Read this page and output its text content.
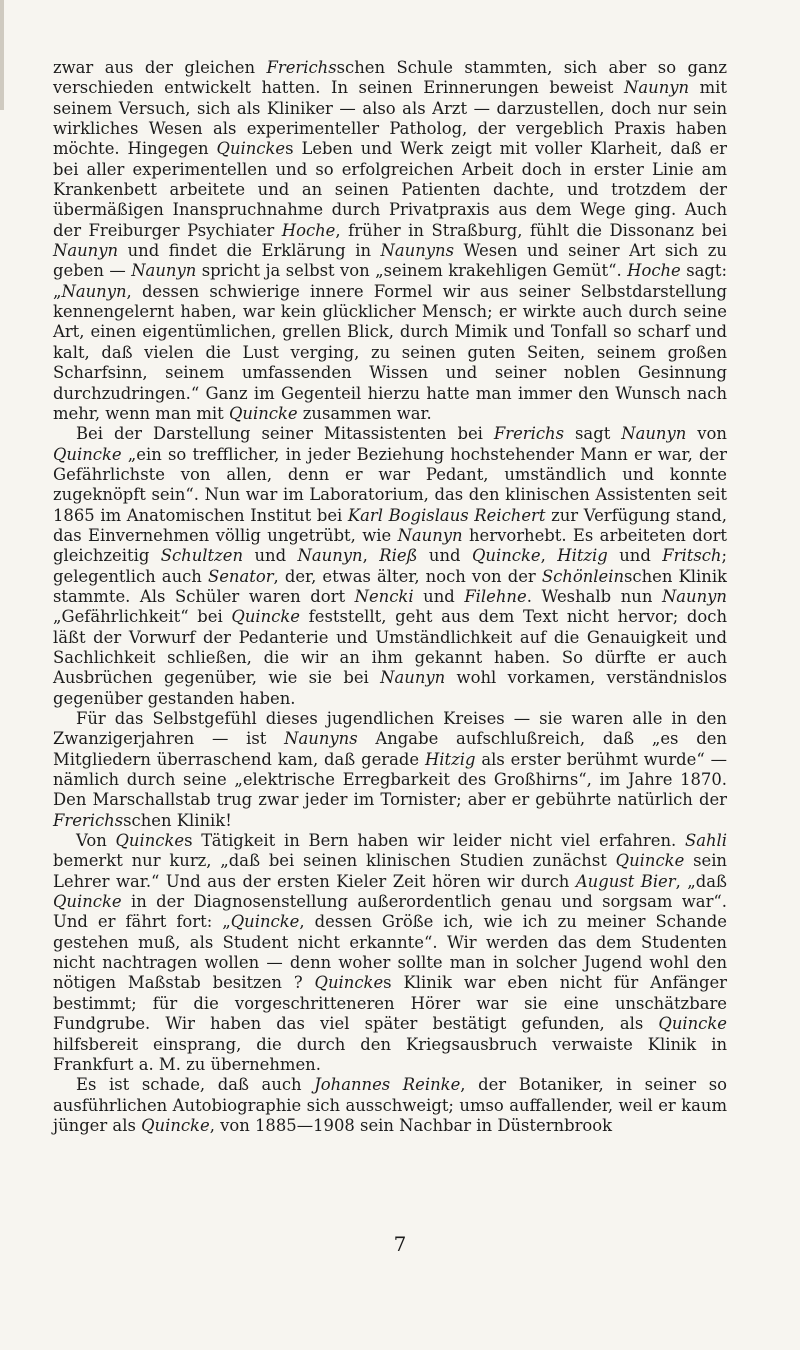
zwar aus der gleichen Frerichsschen Schule stammten, sich aber so ganz verschieden entwickelt hatten. In seinen Erinnerungen beweist Naunyn mit seinem Versuch, sich als Kliniker — also als Arzt — darzustellen, doch nur sein wirkliches Wesen als experimenteller Patholog, der vergeblich Praxis haben möchte. Hingegen Quinckes Leben und Werk zeigt mit voller Klarheit, daß er bei aller experimentellen und so erfolgreichen Arbeit doch in erster Linie am Krankenbett arbeitete und an seinen Patienten dachte, und trotzdem der übermäßigen Inanspruchnahme durch Privatpraxis aus dem Wege ging. Auch der Freiburger Psychiater Hoche, früher in Straßburg, fühlt die Dissonanz bei Naunyn und findet die Erklärung in Naunyns Wesen und seiner Art sich zu geben — Naunyn spricht ja selbst von „seinem krakehligen Gemüt“. Hoche sagt: „Naunyn, dessen schwierige innere Formel wir aus seiner Selbstdarstellung kennengelernt haben, war kein glücklicher Mensch; er wirkte auch durch seine Art, einen eigentümlichen, grellen Blick, durch Mimik und Tonfall so scharf und kalt, daß vielen die Lust verging, zu seinen guten Seiten, seinem großen Scharfsinn, seinem umfassenden Wissen und seiner noblen Gesinnung durchzudringen.“ Ganz im Gegenteil hierzu hatte man immer den Wunsch nach mehr, wenn man mit Quincke zusammen war.

Bei der Darstellung seiner Mitassistenten bei Frerichs sagt Naunyn von Quincke „ein so trefflicher, in jeder Beziehung hochstehender Mann er war, der Gefährlichste von allen, denn er war Pedant, umständlich und konnte zugeknöpft sein“. Nun war im Laboratorium, das den klinischen Assistenten seit 1865 im Anatomischen Institut bei Karl Bogislaus Reichert zur Verfügung stand, das Einvernehmen völlig ungetrübt, wie Naunyn hervorhebt. Es arbeiteten dort gleichzeitig Schultzen und Naunyn, Rieß und Quincke, Hitzig und Fritsch; gelegentlich auch Senator, der, etwas älter, noch von der Schönleinschen Klinik stammte. Als Schüler waren dort Nencki und Filehne. Weshalb nun Naunyn „Gefährlichkeit“ bei Quincke feststellt, geht aus dem Text nicht hervor; doch läßt der Vorwurf der Pedanterie und Umständlichkeit auf die Genauigkeit und Sachlichkeit schließen, die wir an ihm gekannt haben. So dürfte er auch Ausbrüchen gegenüber, wie sie bei Naunyn wohl vorkamen, verständnislos gegenüber gestanden haben.

Für das Selbstgefühl dieses jugendlichen Kreises — sie waren alle in den Zwanzigerjahren — ist Naunyns Angabe aufschlußreich, daß „es den Mitgliedern überraschend kam, daß gerade Hitzig als erster berühmt wurde“ — nämlich durch seine „elektrische Erregbarkeit des Großhirns“, im Jahre 1870. Den Marschallstab trug zwar jeder im Tornister; aber er gebührte natürlich der Frerichsschen Klinik!

Von Quinckes Tätigkeit in Bern haben wir leider nicht viel erfahren. Sahli bemerkt nur kurz, „daß bei seinen klinischen Studien zunächst Quincke sein Lehrer war.“ Und aus der ersten Kieler Zeit hören wir durch August Bier, „daß Quincke in der Diagnosenstellung außerordentlich genau und sorgsam war“. Und er fährt fort: „Quincke, dessen Größe ich, wie ich zu meiner Schande gestehen muß, als Student nicht erkannte“. Wir werden das dem Studenten nicht nachtragen wollen — denn woher sollte man in solcher Jugend wohl den nötigen Maßstab besitzen ? Quinckes Klinik war eben nicht für Anfänger bestimmt; für die vorgeschritteneren Hörer war sie eine unschätzbare Fundgrube. Wir haben das viel später bestätigt gefunden, als Quincke hilfsbereit einsprang, die durch den Kriegsausbruch verwaiste Klinik in Frankfurt a. M. zu übernehmen.

Es ist schade, daß auch Johannes Reinke, der Botaniker, in seiner so ausführlichen Autobiographie sich ausschweigt; umso auffallender, weil er kaum jünger als Quincke, von 1885—1908 sein Nachbar in Düsternbrook

7
